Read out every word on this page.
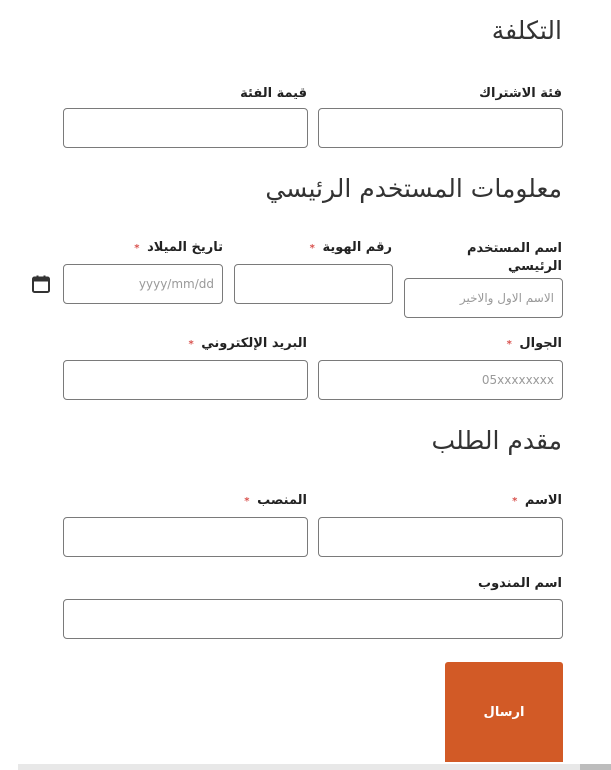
التكلفة
فئة الاشتراك
قيمة الفئة
معلومات المستخدم الرئيسي
اسم المستخدم الرئيسي

رقم الهوية *
تاريخ الميلاد *
الاسم الاول والاخير
yyyy/mm/dd
الجوال *
البريد الإلكتروني *
05xxxxxxxx
مقدم الطلب
الاسم *
المنصب *
اسم المندوب
ارسال
